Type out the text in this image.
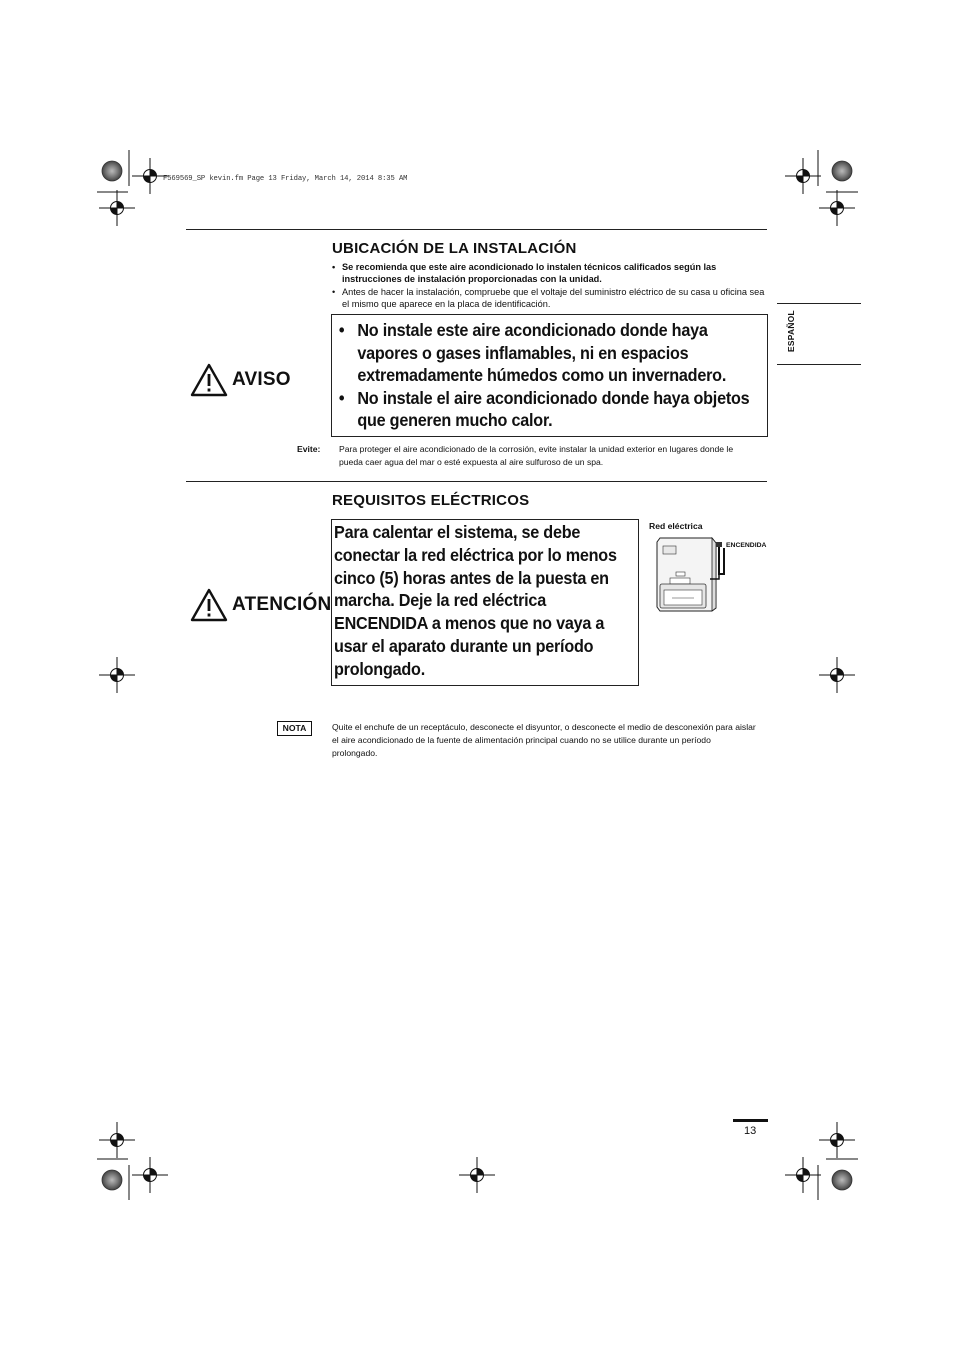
F569569_SP kevin.fm Page 13 Friday, March 14, 2014 8:35 AM
ESPAÑOL
UBICACIÓN DE LA INSTALACIÓN
• Se recomienda que este aire acondicionado lo instalen técnicos calificados según las instrucciones de instalación proporcionadas con la unidad.
• Antes de hacer la instalación, compruebe que el voltaje del suministro eléctrico de su casa u oficina sea el mismo que aparece en la placa de identificación.
AVISO
• No instale este aire acondicionado donde haya vapores o gases inflamables, ni en espacios extremadamente húmedos como un invernadero.
• No instale el aire acondicionado donde haya objetos que generen mucho calor.
Evite: Para proteger el aire acondicionado de la corrosión, evite instalar la unidad exterior en lugares donde le pueda caer agua del mar o esté expuesta al aire sulfuroso de un spa.
REQUISITOS ELÉCTRICOS
ATENCIÓN
Para calentar el sistema, se debe conectar la red eléctrica por lo menos cinco (5) horas antes de la puesta en marcha. Deje la red eléctrica ENCENDIDA a menos que no vaya a usar el aparato durante un período prolongado.
Red eléctrica
ENCENDIDA
NOTA	Quite el enchufe de un receptáculo, desconecte el disyuntor, o desconecte el medio de desconexión para aislar el aire acondicionado de la fuente de alimentación principal cuando no se utilice durante un período prolongado.
13
